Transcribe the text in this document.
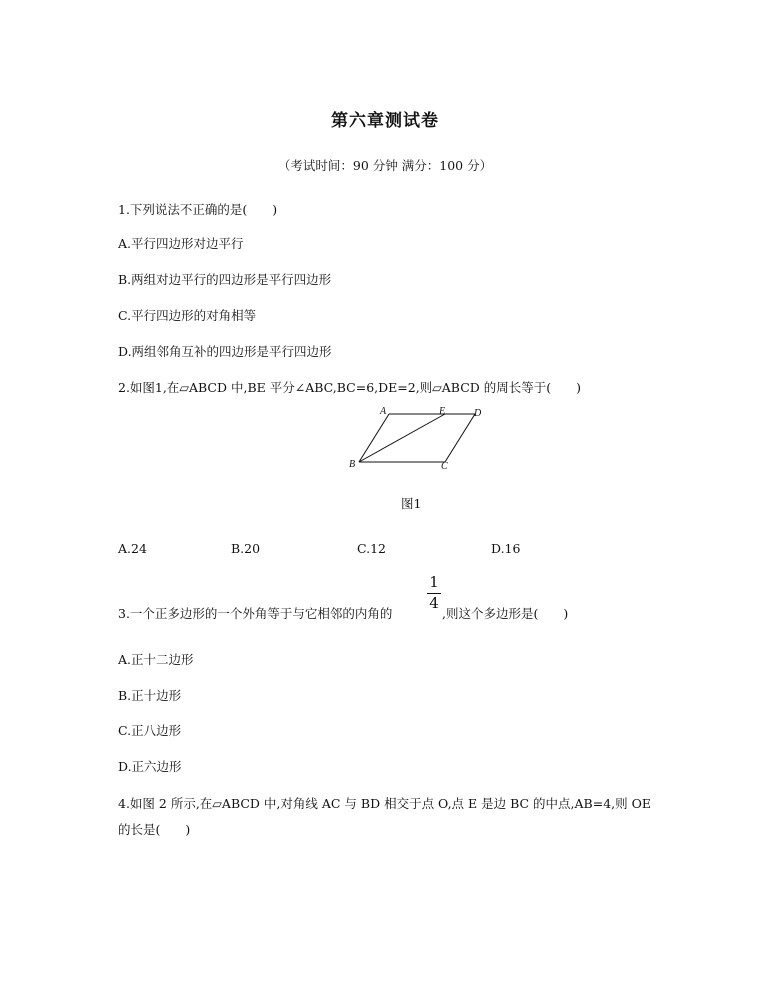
第六章测试卷
（考试时间：90 分钟 满分：100 分）
1.下列说法不正确的是(　　)
A.平行四边形对边平行
B.两组对边平行的四边形是平行四边形
C.平行四边形的对角相等
D.两组邻角互补的四边形是平行四边形
2.如图1,在▱ABCD 中,BE 平分∠ABC,BC=6,DE=2,则▱ABCD 的周长等于(　　)
A	E	D
B	C
图1
A.24	B.20	C.12	D.16
3.一个正多边形的一个外角等于与它相邻的内角的
1
4
,则这个多边形是(　　)
A.正十二边形
B.正十边形
C.正八边形
D.正六边形
4.如图 2 所示,在▱ABCD 中,对角线 AC 与 BD 相交于点 O,点 E 是边 BC 的中点,AB=4,则 OE
的长是(　　)
